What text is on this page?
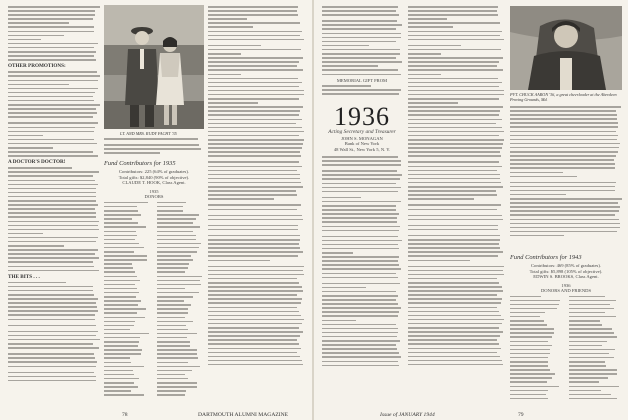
OTHER PROMOTIONS:
A DOCTOR'S DOCTOR!
THE BITS . . .
LT. AND MRS. RUDY FACHT '35
Fund Contributors for 1935
Contributors: 225 (64% of graduates).
Total gifts: $2,840 (90% of objective).
CLAUDE T. HOOK, Class Agent.
1935
DONORS
78	DARTMOUTH ALUMNI MAGAZINE
MEMORIAL GIFT FROM
1936
Acting Secretary and Treasurer
JOHN S. MONAGAN
Bank of New York
48 Wall St., New York 5, N. Y.
PVT. CHUCK AARON '36, a great cheerleader at the Aberdeen Proving Grounds, Md.
Fund Contributors for 1943
Contributors: 469 (85% of graduates).
Total gifts: $5,898 (105% of objective).
EDWIN S. BROOKS, Class Agent.
1936
DONORS AND FRIENDS
Issue of JANUARY 1944	79
